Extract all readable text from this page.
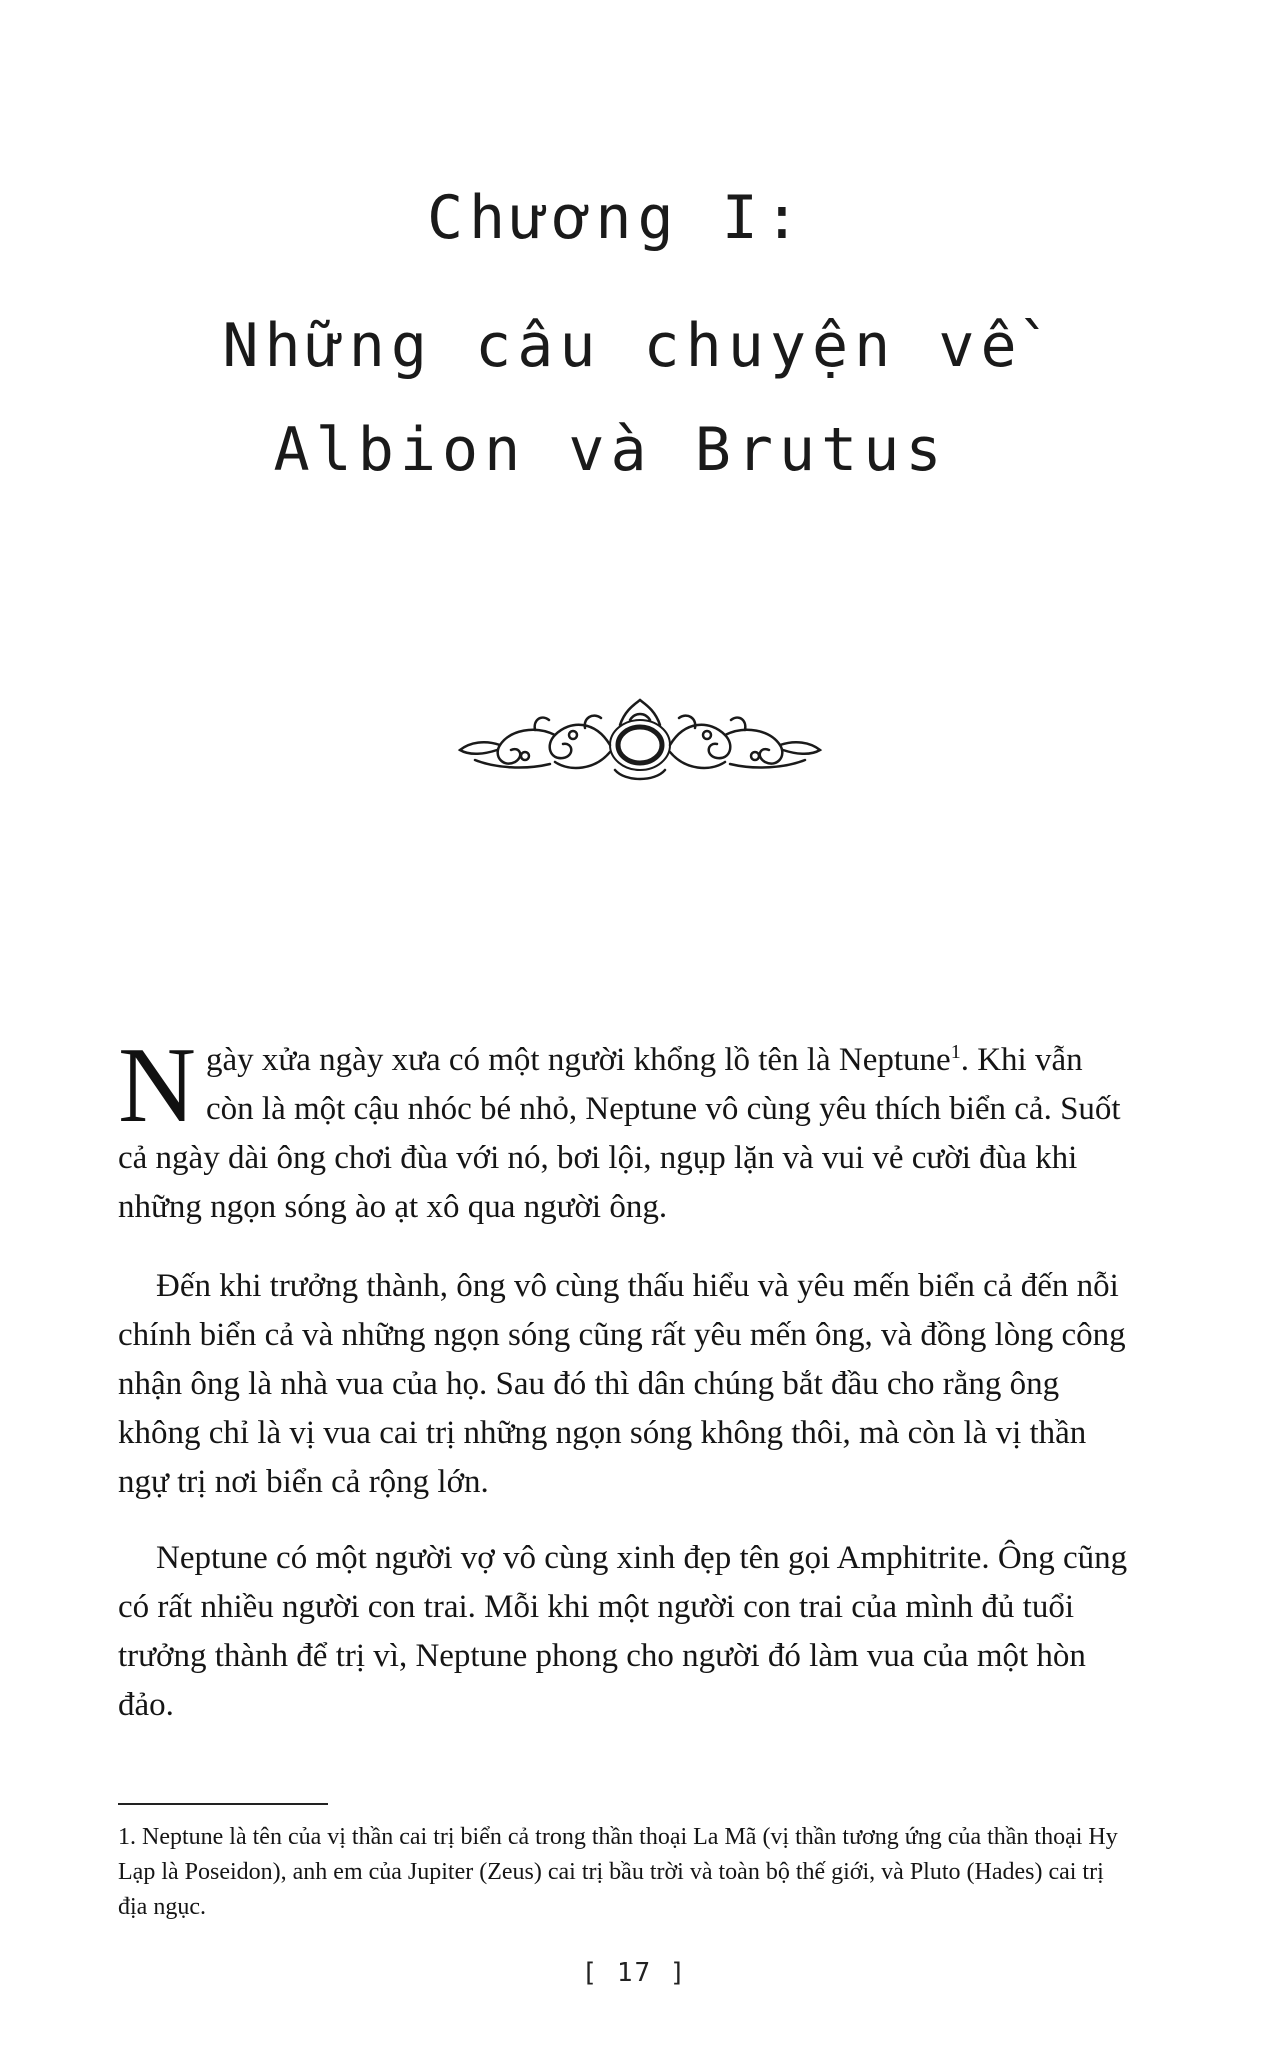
Chương I:
Những câu chuyện về
Albion và Brutus
Ngày xửa ngày xưa có một người khổng lồ tên là Neptune$^1$. Khi vẫn còn là một cậu nhóc bé nhỏ, Neptune vô cùng yêu thích biển cả. Suốt cả ngày dài ông chơi đùa với nó, bơi lội, ngụp lặn và vui vẻ cười đùa khi những ngọn sóng ào ạt xô qua người ông.
Đến khi trưởng thành, ông vô cùng thấu hiểu và yêu mến biển cả đến nỗi chính biển cả và những ngọn sóng cũng rất yêu mến ông, và đồng lòng công nhận ông là nhà vua của họ. Sau đó thì dân chúng bắt đầu cho rằng ông không chỉ là vị vua cai trị những ngọn sóng không thôi, mà còn là vị thần ngự trị nơi biển cả rộng lớn.
Neptune có một người vợ vô cùng xinh đẹp tên gọi Amphitrite. Ông cũng có rất nhiều người con trai. Mỗi khi một người con trai của mình đủ tuổi trưởng thành để trị vì, Neptune phong cho người đó làm vua của một hòn đảo.
1. Neptune là tên của vị thần cai trị biển cả trong thần thoại La Mã (vị thần tương ứng của thần thoại Hy Lạp là Poseidon), anh em của Jupiter (Zeus) cai trị bầu trời và toàn bộ thế giới, và Pluto (Hades) cai trị địa ngục.
[ 17 ]
